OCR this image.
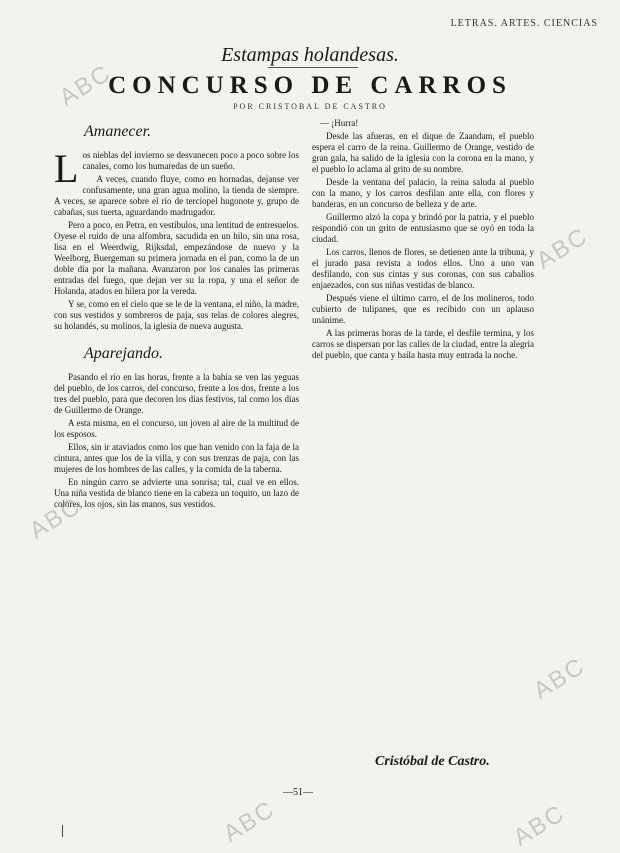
LETRAS. ARTES. CIENCIAS
Estampas holandesas.
CONCURSO DE CARROS
POR CRISTOBAL DE CASTRO
Amanecer.

Los nieblas del invierno se desvanecen poco a poco sobre los canales, como los humaredas de un sueño.

A veces, cuando fluye, como en hornadas, dejanse ver confusamente, una gran agua molino, la tienda de siempre. A veces, se aparece sobre el río de terciopel hugonote y, grupo de cabañas, sus tuerta, aguardando madrugador.

Pero a poco, en Petra, en vestíbulos, una lentitud de entresuelos. Oyese el ruido de una alfombra, sacudida en un hilo, sin una rosa, lisa en el Weerdwig, Rijksdal, empezándose de nuevo y la Weelborg, Buergeman su primera jornada en el pan, como la de un doble día por la mañana. Avanzaron por los canales las primeras entradas del fuego, que dejan ver su la ropa, y una el señor de Holanda, atados en hilera por la vereda.

Y se, como en el cielo que se le de la ventana, el niño, la madre, con sus vestidos y sombreros de paja, sus telas de colores alegres, su holandés, su molinos, la iglesia de nueva augusta.

Aparejando.

Pasando el río en las horas, frente a la bahía se ven las yeguas del pueblo, de los carros, del concurso, frente a los dos, frente a los tres del pueblo, para que decoren los días festivos, tal como los días de Guillermo de Orange.

A esta misma, en el concurso, un joven al aire de la multitud de los esposos.

Ellos, sin ir ataviados como los que han venido con la faja de la cintura, antes que los de la villa, y con sus trenzas de paja, con las mujeres de los hombres de las calles, y la comida de la taberna.

En ningún carro se advierte una sonrisa; tal, cual ve en ellos. Una niña vestida de blanco tiene en la cabeza un toquito, un lazo de colores, los ojos, sin las manos, sus vestidos.

— ¡Hurra!

Desde las afueras, en el dique de Zaandam, el pueblo espera el carro de la reina. Guillermo de Orange, vestido de gran gala, ha salido de la iglesia con la corona en la mano, y el pueblo lo aclama al grito de su nombre.

Desde la ventana del palacio, la reina saluda al pueblo con la mano, y los carros desfilan ante ella, con flores y banderas, en un concurso de belleza y de arte.

Guillermo alzó la copa y brindó por la patria, y el pueblo respondió con un grito de entusiasmo que se oyó en toda la ciudad.

Los carros, llenos de flores, se detienen ante la tribuna, y el jurado pasa revista a todos ellos. Uno a uno van desfilando, con sus cintas y sus coronas, con sus caballos enjaezados, con sus niñas vestidas de blanco.

Después viene el último carro, el de los molineros, todo cubierto de tulipanes, que es recibido con un aplauso unánime.

A las primeras horas de la tarde, el desfile termina, y los carros se dispersan por las calles de la ciudad, entre la alegría del pueblo, que canta y baila hasta muy entrada la noche.

Cristóbal de Castro.
—51—
ABC
ABC
ABC
ABC
ABC	ABC
